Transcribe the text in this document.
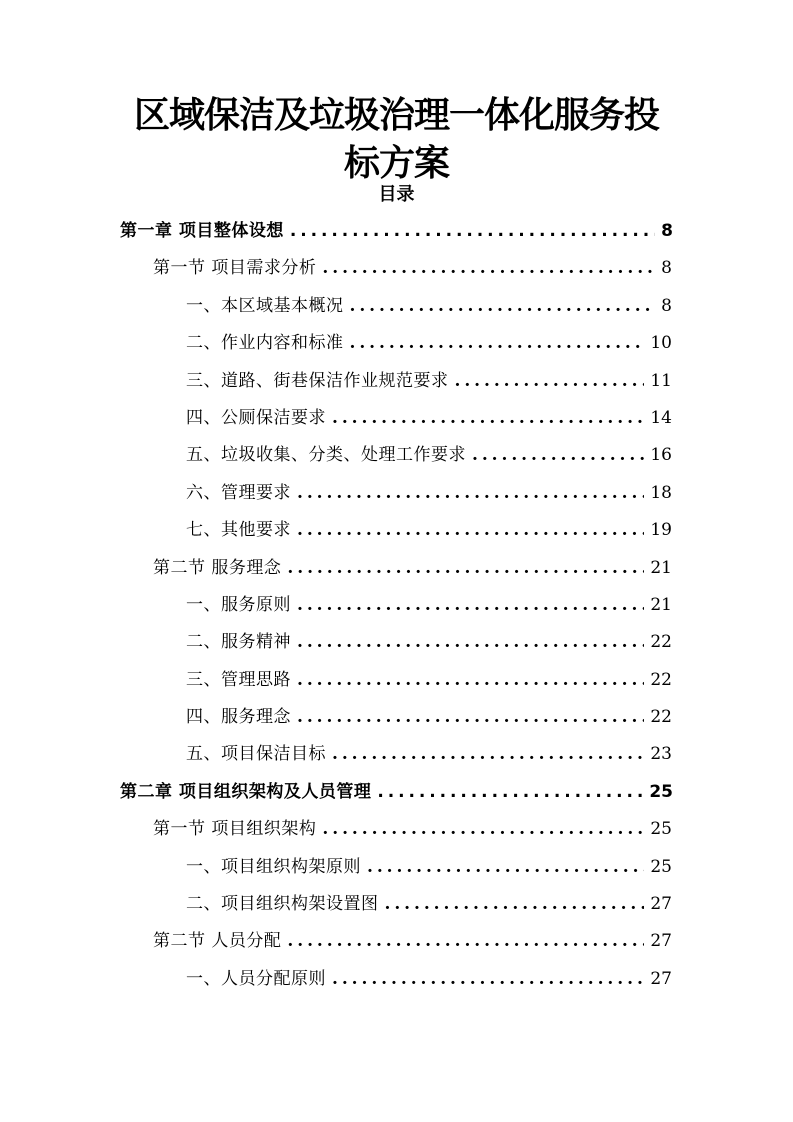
区域保洁及垃圾治理一体化服务投
标方案
目录
第一章 项目整体设想 . . .	8
第一节 项目需求分析 . . .	8
一、本区域基本概况 . . .	8
二、作业内容和标准 . . .	10
三、道路、街巷保洁作业规范要求 . . .	11
四、公厕保洁要求 . . .	14
五、垃圾收集、分类、处理工作要求 . . .	16
六、管理要求 . . .	18
七、其他要求 . . .	19
第二节 服务理念 . . .	21
一、服务原则 . . .	21
二、服务精神 . . .	22
三、管理思路 . . .	22
四、服务理念 . . .	22
五、项目保洁目标 . . .	23
第二章 项目组织架构及人员管理 . . .	25
第一节 项目组织架构 . . .	25
一、项目组织构架原则 . . .	25
二、项目组织构架设置图 . . .	27
第二节 人员分配 . . .	27
一、人员分配原则 . . .	27
